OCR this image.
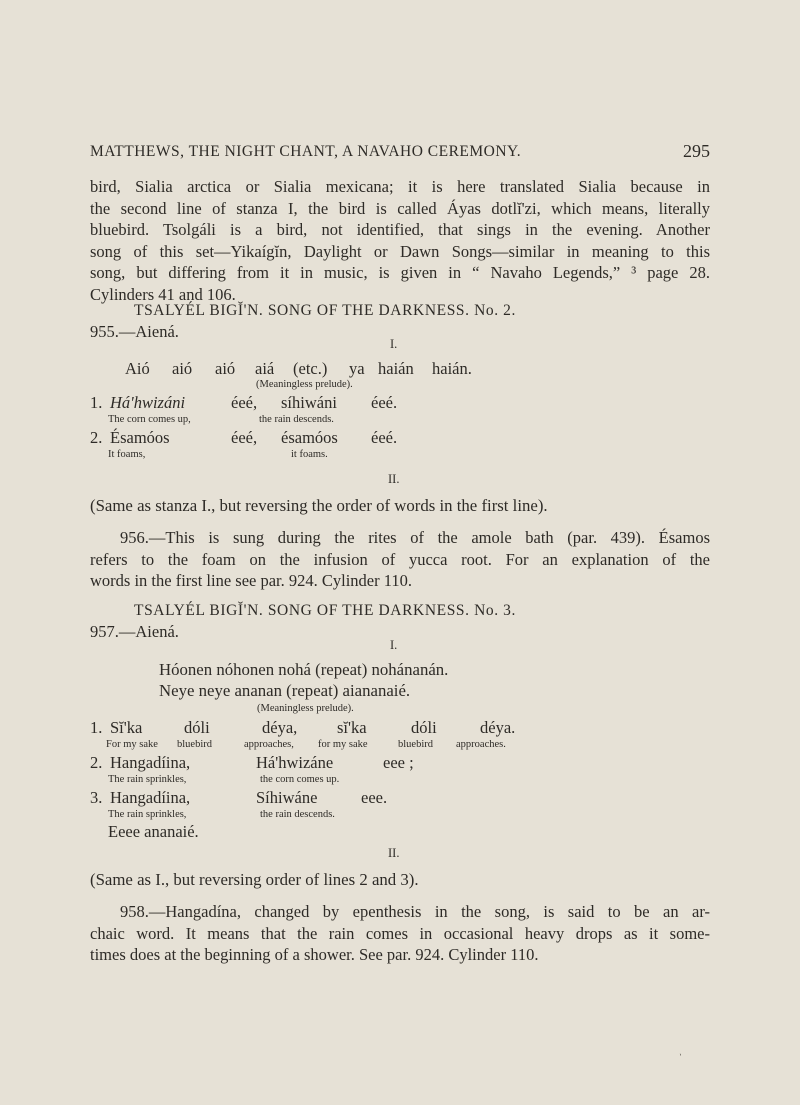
MATTHEWS, THE NIGHT CHANT, A NAVAHO CEREMONY.	295
bird, Sialia arctica or Sialia mexicana; it is here translated Sialia because in
the second line of stanza I, the bird is called Áyas dotlĭ'zi, which means, literally
bluebird. Tsolgáli is a bird, not identified, that sings in the evening. Another
song of this set—Yikaígĭn, Daylight or Dawn Songs—similar in meaning to this
song, but differing from it in music, is given in “ Navaho Legends,” ³ page 28.
Cylinders 41 and 106.
TSALYÉL BIGĬ'N. SONG OF THE DARKNESS. No. 2.
955.—Aiená.
I.
Aió aió aió aiá (etc.) ya haián haián.
(Meaningless prelude).
1. Há'hwizáni	éeé, síhiwáni éeé.
The corn comes up,	the rain descends.
2. Ésamóos	éeé, ésamóos éeé.
It foams,	it foams.
II.
(Same as stanza I., but reversing the order of words in the first line).
956.—This is sung during the rites of the amole bath (par. 439). Ésamos
refers to the foam on the infusion of yucca root. For an explanation of the
words in the first line see par. 924. Cylinder 110.
TSALYÉL BIGĬ'N. SONG OF THE DARKNESS. No. 3.
957.—Aiená.
I.
Hóonen nóhonen nohá (repeat) nohánanán.
Neye neye ananan (repeat) aiananaié.
(Meaningless prelude).
1. Sĭ'ka	dóli	déya, sĭ'ka	dóli	déya.
For my sake bluebird	approaches, for my sake	bluebird approaches.
2. Hangadíina,	Há'hwizáne	eee ;
The rain sprinkles,	the corn comes up.
3. Hangadíina,	Síhiwáne	eee.
The rain sprinkles,	the rain descends.
Eeee ananaié.
II.
(Same as I., but reversing order of lines 2 and 3).
958.—Hangadína, changed by epenthesis in the song, is said to be an ar-
chaic word. It means that the rain comes in occasional heavy drops as it some-
times does at the beginning of a shower. See par. 924. Cylinder 110.
ˎ
